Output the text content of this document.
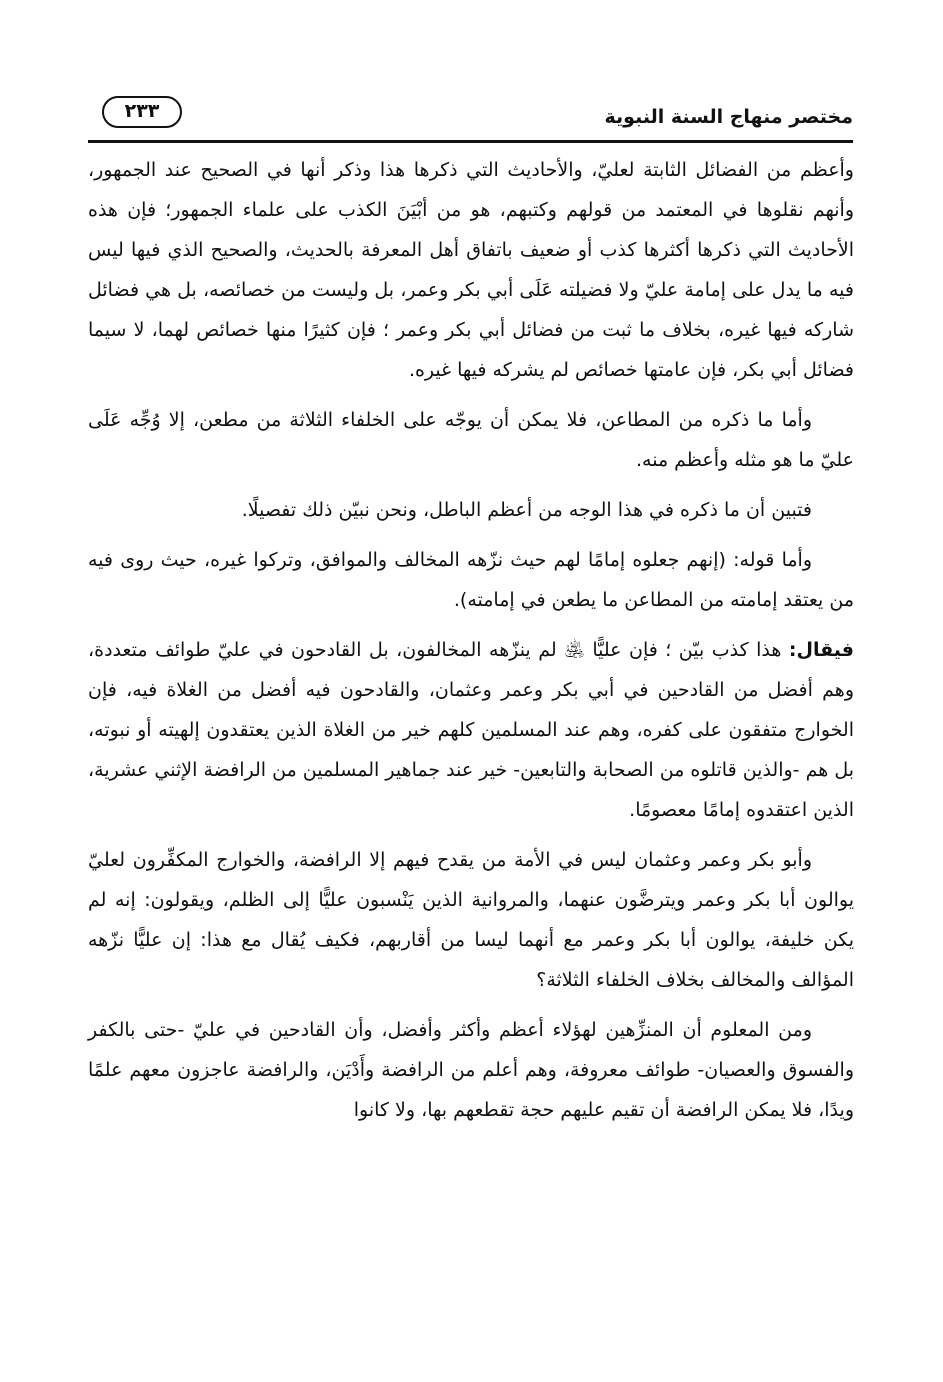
مختصر منهاج السنة النبوية
٢٣٣

وأعظم من الفضائل الثابتة لعليّ، والأحاديث التي ذكرها هذا وذكر أنها في الصحيح عند الجمهور، وأنهم نقلوها في المعتمد من قولهم وكتبهم، هو من أبْيَنَ الكذب على علماء الجمهور؛ فإن هذه الأحاديث التي ذكرها أكثرها كذب أو ضعيف باتفاق أهل المعرفة بالحديث، والصحيح الذي فيها ليس فيه ما يدل على إمامة عليّ ولا فضيلته عَلَى أبي بكر وعمر، بل وليست من خصائصه، بل هي فضائل شاركه فيها غيره، بخلاف ما ثبت من فضائل أبي بكر وعمر ؛ فإن كثيرًا منها خصائص لهما، لا سيما فضائل أبي بكر، فإن عامتها خصائص لم يشركه فيها غيره.

وأما ما ذكره من المطاعن، فلا يمكن أن يوجّه على الخلفاء الثلاثة من مطعن، إلا وُجِّه عَلَى عليّ ما هو مثله وأعظم منه.

فتبين أن ما ذكره في هذا الوجه من أعظم الباطل، ونحن نبيّن ذلك تفصيلًا.

وأما قوله: (إنهم جعلوه إمامًا لهم حيث نزّهه المخالف والموافق، وتركوا غيره، حيث روى فيه من يعتقد إمامته من المطاعن ما يطعن في إمامته).

فيقال: هذا كذب بيّن ؛ فإن عليًّا ﵁ لم ينزّهه المخالفون، بل القادحون في عليّ طوائف متعددة، وهم أفضل من القادحين في أبي بكر وعمر وعثمان، والقادحون فيه أفضل من الغلاة فيه، فإن الخوارج متفقون على كفره، وهم عند المسلمين كلهم خير من الغلاة الذين يعتقدون إلهيته أو نبوته، بل هم -والذين قاتلوه من الصحابة والتابعين- خير عند جماهير المسلمين من الرافضة الإثني عشرية، الذين اعتقدوه إمامًا معصومًا.

وأبو بكر وعمر وعثمان ليس في الأمة من يقدح فيهم إلا الرافضة، والخوارج المكفِّرون لعليّ يوالون أبا بكر وعمر ويترضَّون عنهما، والمروانية الذين يَنْسبون عليًّا إلى الظلم، ويقولون: إنه لم يكن خليفة، يوالون أبا بكر وعمر مع أنهما ليسا من أقاربهم، فكيف يُقال مع هذا: إن عليًّا نزّهه المؤالف والمخالف بخلاف الخلفاء الثلاثة؟

ومن المعلوم أن المنزِّهين لهؤلاء أعظم وأكثر وأفضل، وأن القادحين في عليّ -حتى بالكفر والفسوق والعصيان- طوائف معروفة، وهم أعلم من الرافضة وأَدْيَن، والرافضة عاجزون معهم علمًا ويدًا، فلا يمكن الرافضة أن تقيم عليهم حجة تقطعهم بها، ولا كانوا
